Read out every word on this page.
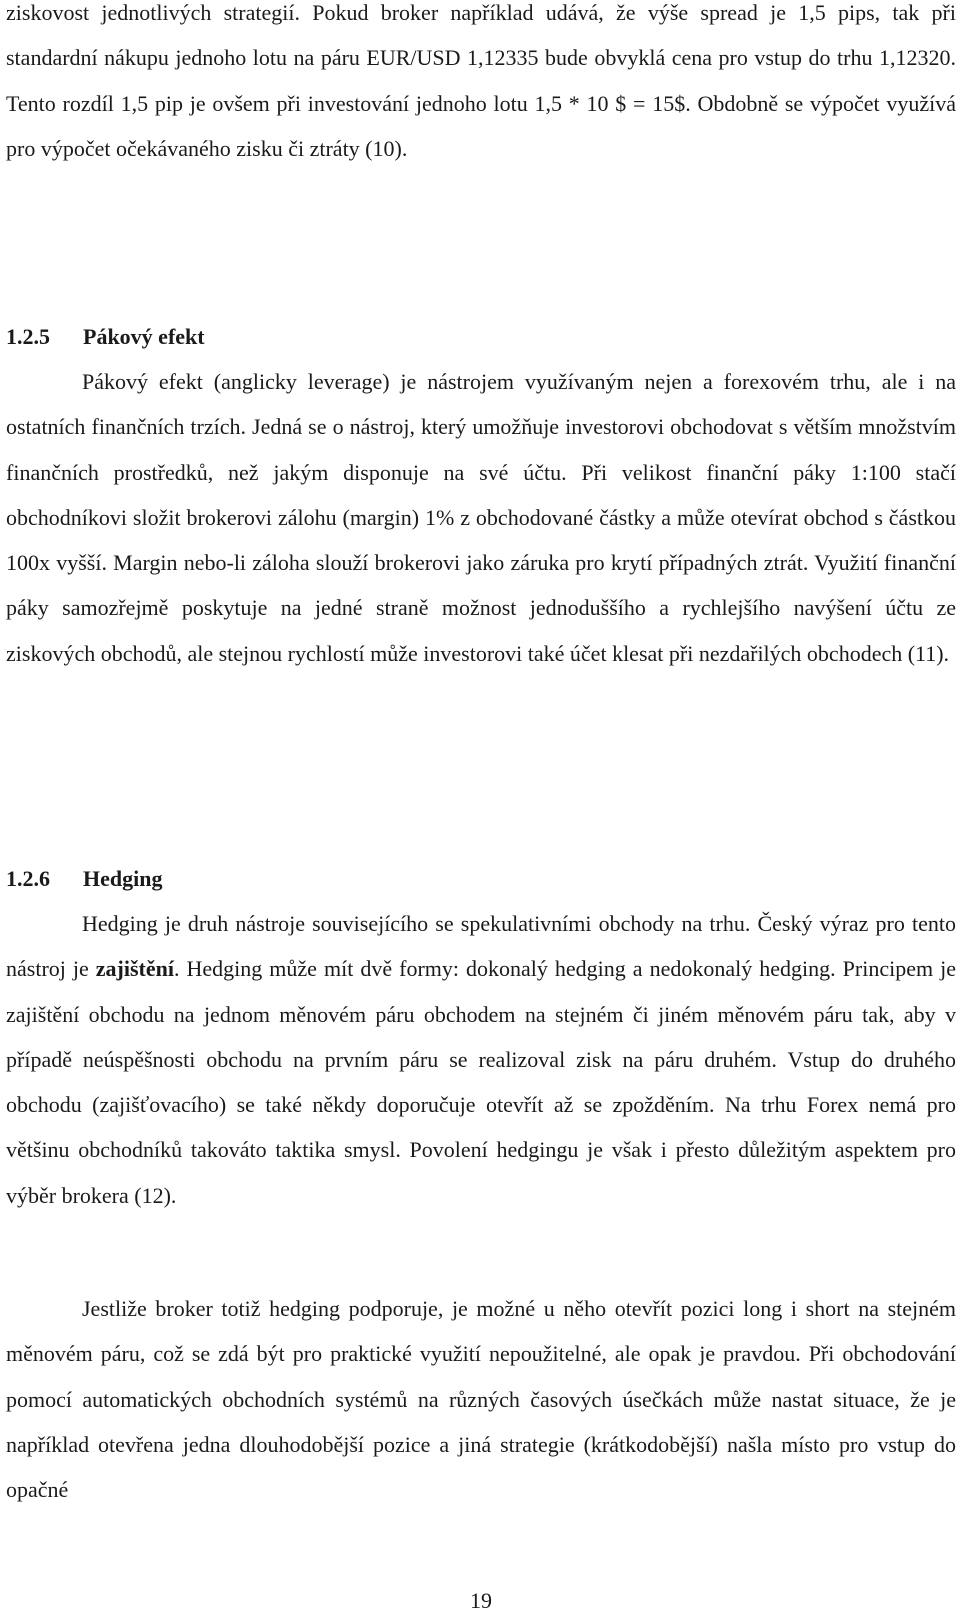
ziskovost jednotlivých strategií. Pokud broker například udává, že výše spread je 1,5 pips, tak při standardní nákupu jednoho lotu na páru EUR/USD 1,12335 bude obvyklá cena pro vstup do trhu 1,12320. Tento rozdíl 1,5 pip je ovšem při investování jednoho lotu 1,5 * 10 $ = 15$. Obdobně se výpočet využívá pro výpočet očekávaného zisku či ztráty (10).

1.2.5	Pákový efekt

Pákový efekt (anglicky leverage) je nástrojem využívaným nejen a forexovém trhu, ale i na ostatních finančních trzích. Jedná se o nástroj, který umožňuje investorovi obchodovat s větším množstvím finančních prostředků, než jakým disponuje na své účtu. Při velikost finanční páky 1:100 stačí obchodníkovi složit brokerovi zálohu (margin) 1% z obchodované částky a může otevírat obchod s částkou 100x vyšší. Margin nebo-li záloha slouží brokerovi jako záruka pro krytí případných ztrát. Využití finanční páky samozřejmě poskytuje na jedné straně možnost jednoduššího a rychlejšího navýšení účtu ze ziskových obchodů, ale stejnou rychlostí může investorovi také účet klesat při nezdařilých obchodech (11).

1.2.6	Hedging

Hedging je druh nástroje souvisejícího se spekulativními obchody na trhu. Český výraz pro tento nástroj je zajištění. Hedging může mít dvě formy: dokonalý hedging a nedokonalý hedging. Principem je zajištění obchodu na jednom měnovém páru obchodem na stejném či jiném měnovém páru tak, aby v případě neúspěšnosti obchodu na prvním páru se realizoval zisk na páru druhém. Vstup do druhého obchodu (zajišťovacího) se také někdy doporučuje otevřít až se zpožděním. Na trhu Forex nemá pro většinu obchodníků takováto taktika smysl. Povolení hedgingu je však i přesto důležitým aspektem pro výběr brokera (12).

Jestliže broker totiž hedging podporuje, je možné u něho otevřít pozici long i short na stejném měnovém páru, což se zdá být pro praktické využití nepoužitelné, ale opak je pravdou. Při obchodování pomocí automatických obchodních systémů na různých časových úsečkách může nastat situace, že je například otevřena jedna dlouhodobější pozice a jiná strategie (krátkodobější) našla místo pro vstup do opačné

19
